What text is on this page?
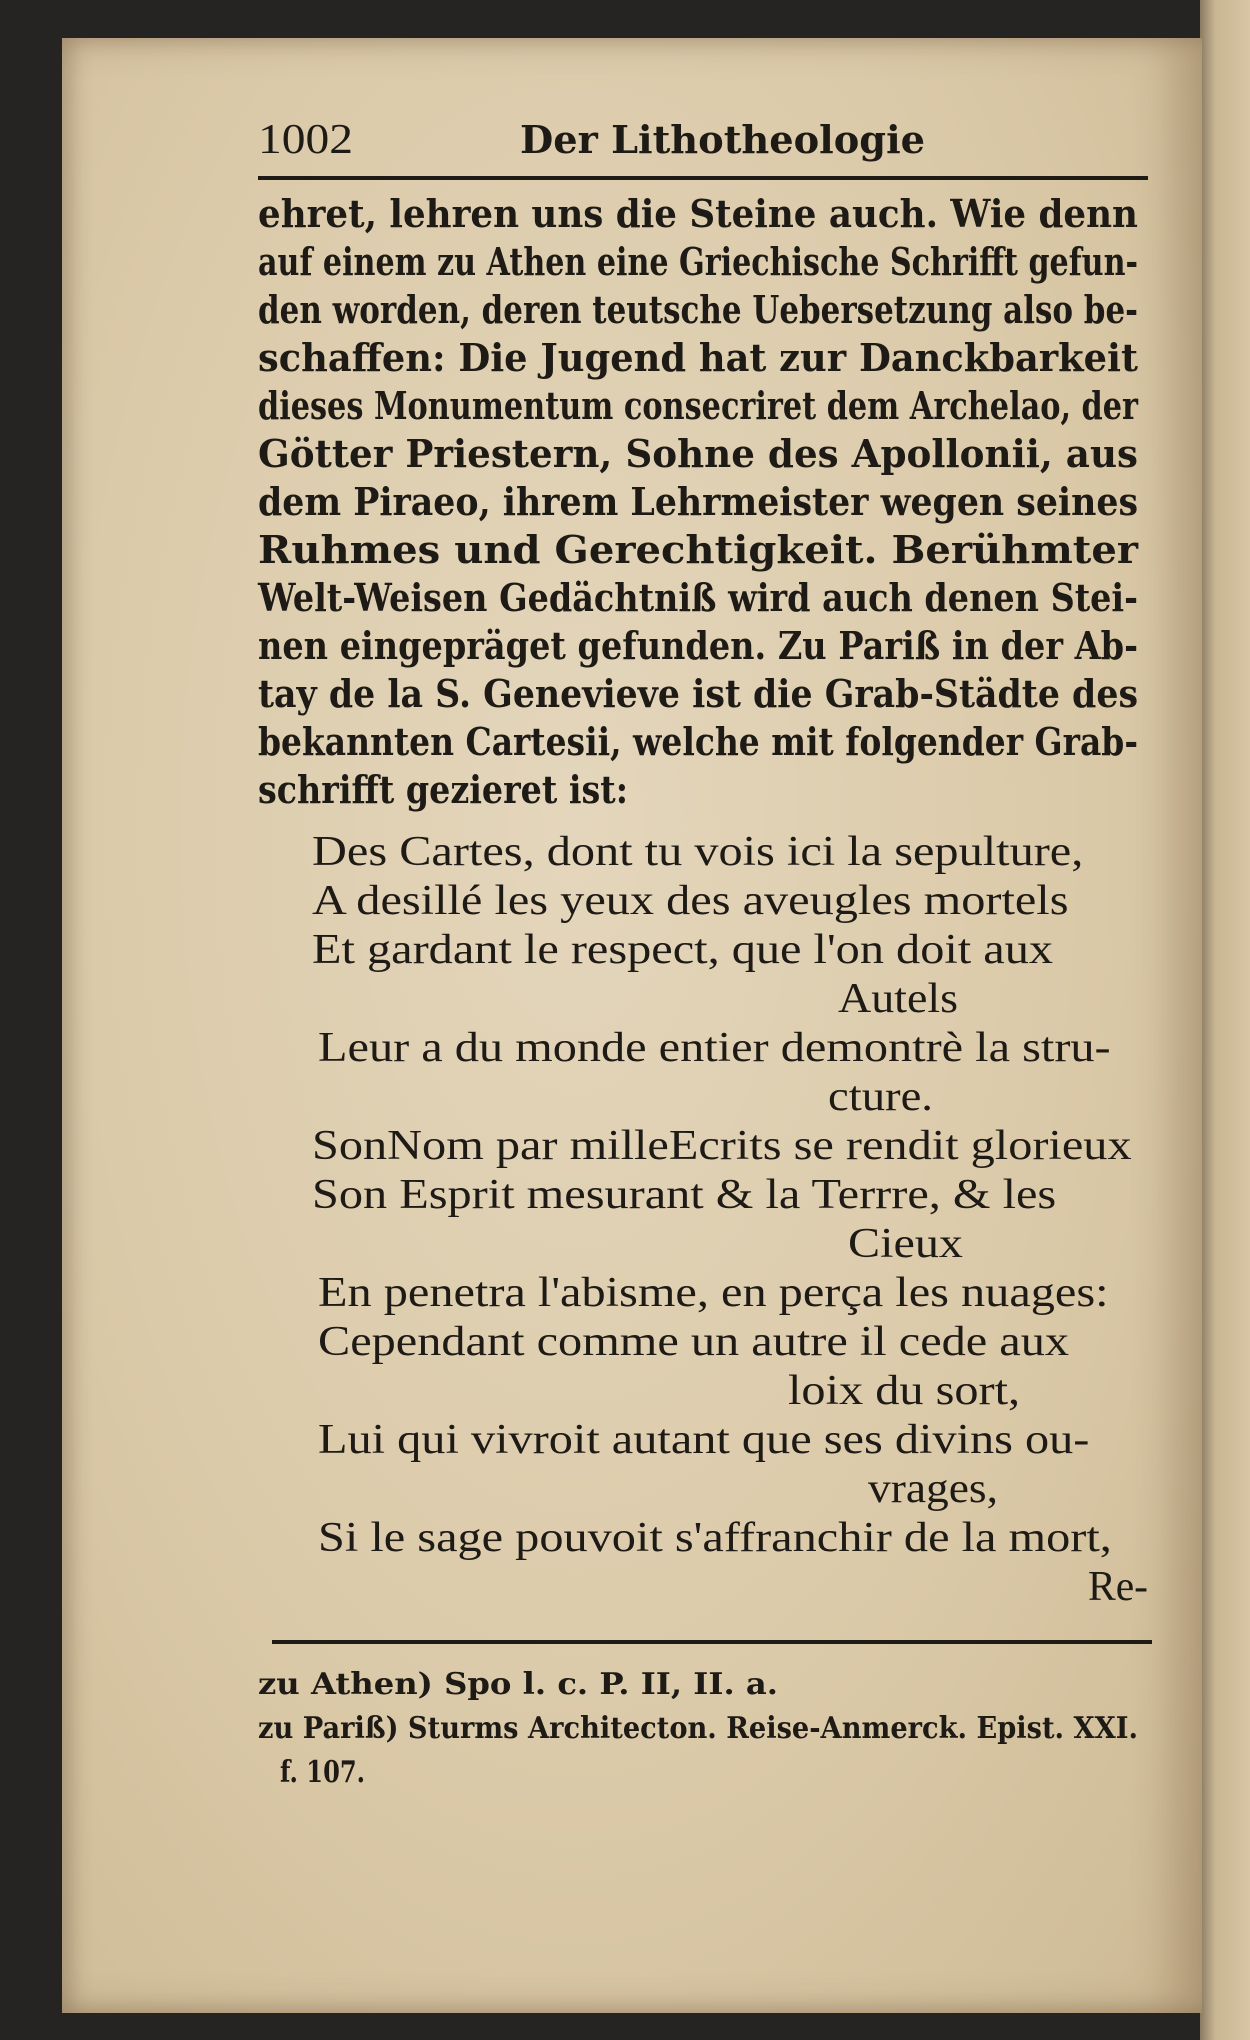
1002	Der Lithotheologie
ehret, lehren uns die Steine auch. Wie denn
auf einem zu Athen eine Griechische Schrifft gefun-
den worden, deren teutsche Uebersetzung also be-
schaffen: Die Jugend hat zur Danckbarkeit
dieses Monumentum consecriret dem Archelao, der
Götter Priestern, Sohne des Apollonii, aus
dem Piraeo, ihrem Lehrmeister wegen seines
Ruhmes und Gerechtigkeit. Berühmter
Welt-Weisen Gedächtniß wird auch denen Stei-
nen eingepräget gefunden. Zu Pariß in der Ab-
tay de la S. Genevieve ist die Grab-Städte des
bekannten Cartesii, welche mit folgender Grab-
schrifft gezieret ist:
Des Cartes, dont tu vois ici la sepulture,
A desillé les yeux des aveugles mortels
Et gardant le respect, que l'on doit aux
Autels
Leur a du monde entier demontrè la stru-
cture.
SonNom par milleEcrits se rendit glorieux
Son Esprit mesurant & la Terrre, & les
Cieux
En penetra l'abisme, en perça les nuages:
Cependant comme un autre il cede aux
loix du sort,
Lui qui vivroit autant que ses divins ou-
vrages,
Si le sage pouvoit s'affranchir de la mort,
Re-
zu Athen) Spo l. c. P. II, II. a.
zu Pariß) Sturms Architecton. Reise-Anmerck. Epist. XXI.
f. 107.
